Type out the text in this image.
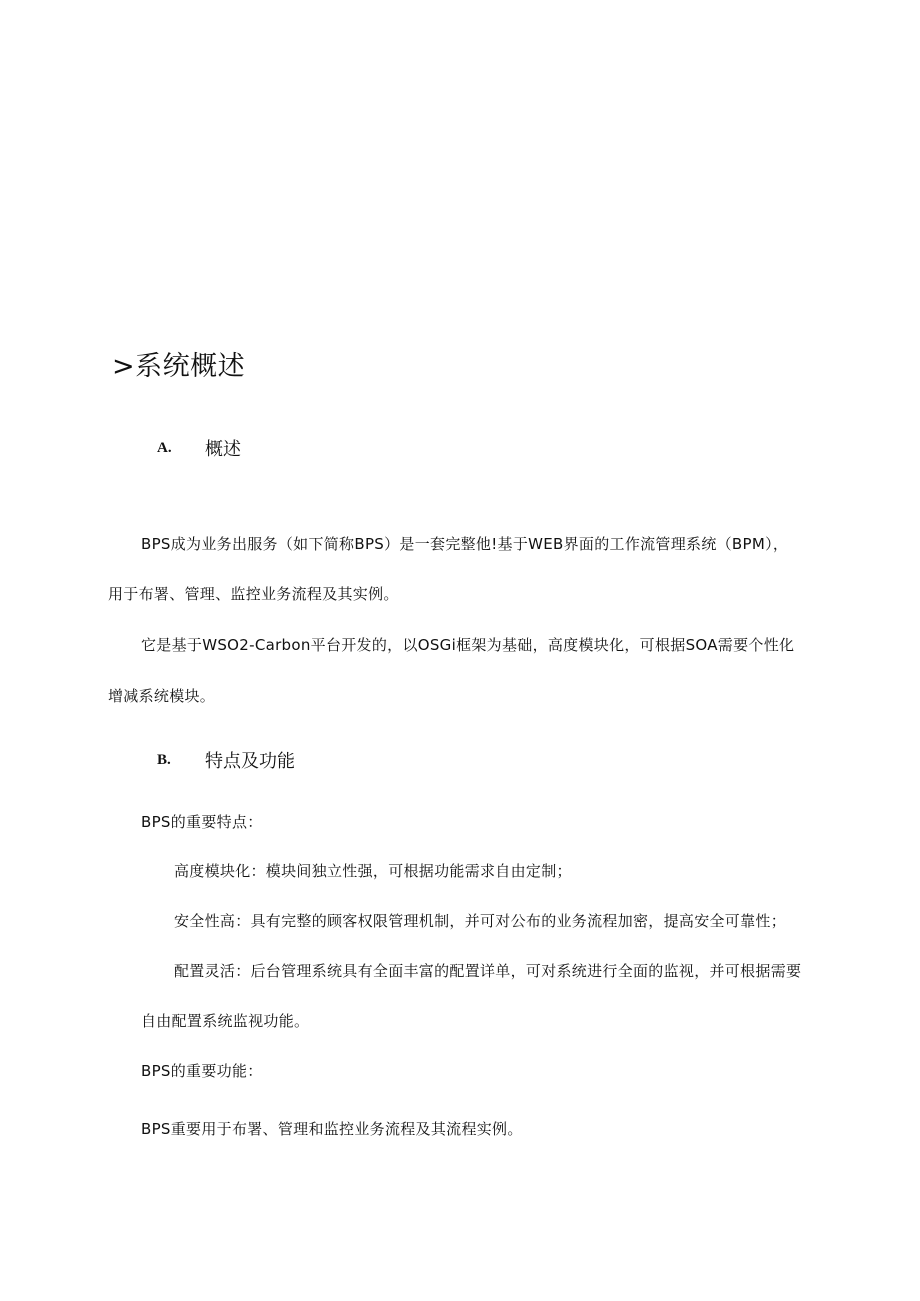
>系统概述
A. 概述

BPS成为业务出服务（如下简称BPS）是一套完整他!基于WEB界面的工作流管理系统（BPM），

用于布署、管理、监控业务流程及其实例。

它是基于WSO2-Carbon平台开发的，以OSGi框架为基础，高度模块化，可根据SOA需要个性化

增减系统模块。

B. 特点及功能

BPS的重要特点：

高度模块化：模块间独立性强，可根据功能需求自由定制；

安全性高：具有完整的顾客权限管理机制，并可对公布的业务流程加密，提高安全可靠性；

配置灵活：后台管理系统具有全面丰富的配置详单，可对系统进行全面的监视，并可根据需要

自由配置系统监视功能。

BPS的重要功能：

BPS重要用于布署、管理和监控业务流程及其流程实例。
